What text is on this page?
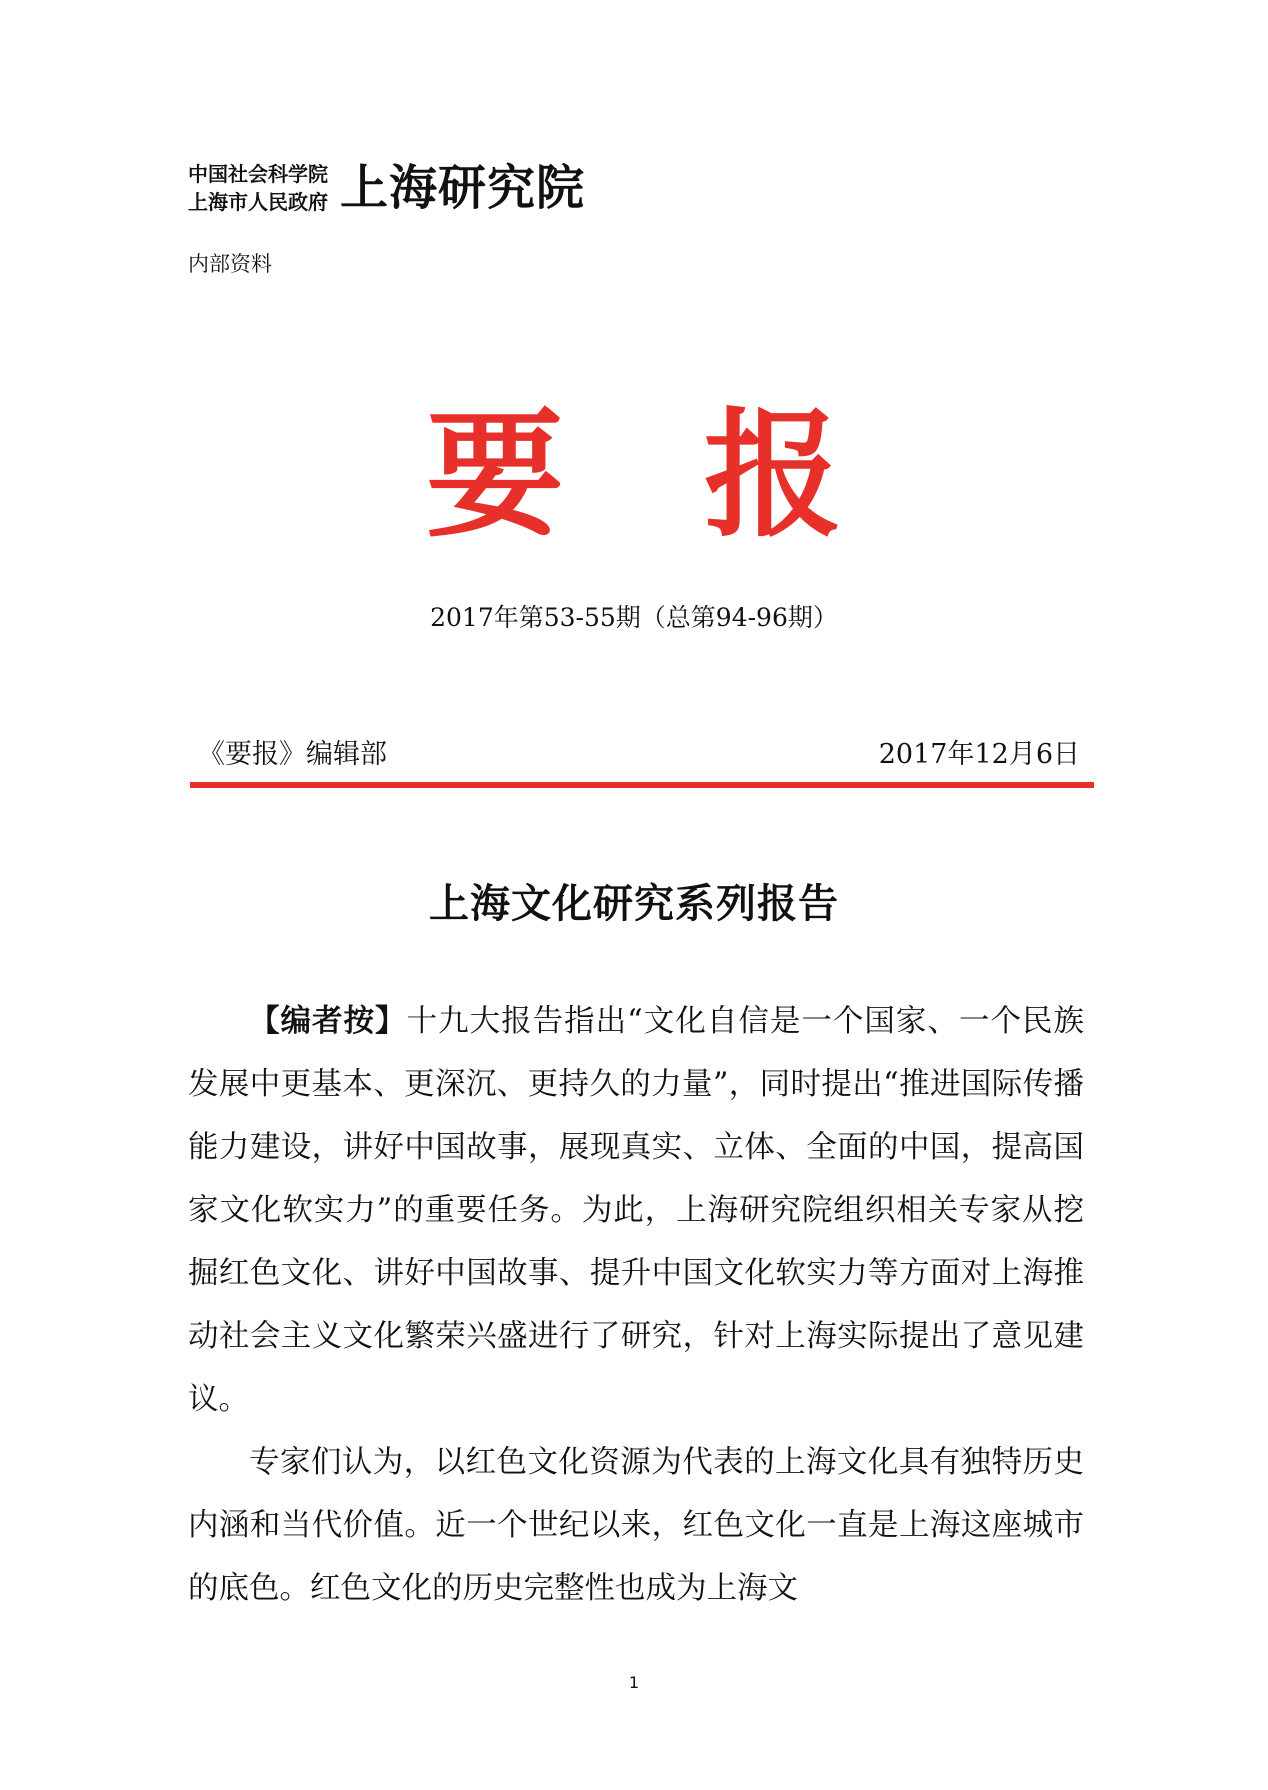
中国社会科学院
上海市人民政府 上海研究院
内部资料
要 报
2017年第53-55期（总第94-96期）
《要报》编辑部	2017年12月6日
上海文化研究系列报告

【编者按】十九大报告指出“文化自信是一个国家、一个民族发展中更基本、更深沉、更持久的力量”，同时提出“推进国际传播能力建设，讲好中国故事，展现真实、立体、全面的中国，提高国家文化软实力”的重要任务。为此，上海研究院组织相关专家从挖掘红色文化、讲好中国故事、提升中国文化软实力等方面对上海推动社会主义文化繁荣兴盛进行了研究，针对上海实际提出了意见建议。

专家们认为，以红色文化资源为代表的上海文化具有独特历史内涵和当代价值。近一个世纪以来，红色文化一直是上海这座城市的底色。红色文化的历史完整性也成为上海文

1
